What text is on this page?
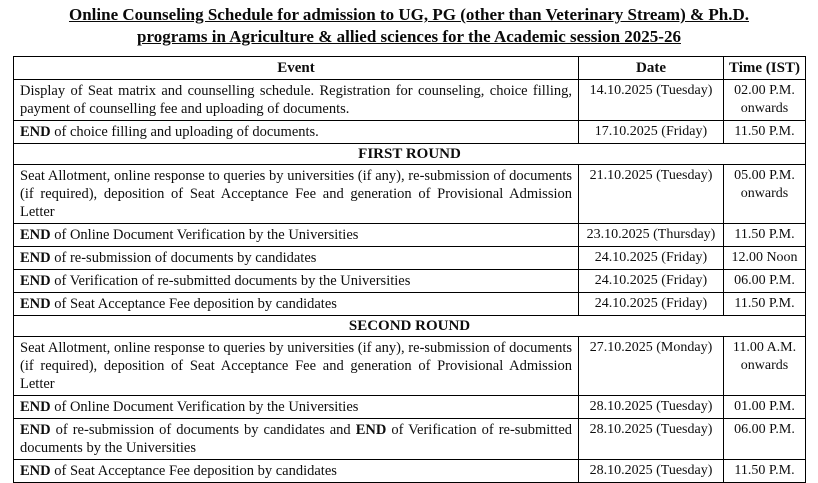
Online Counseling Schedule for admission to UG, PG (other than Veterinary Stream) & Ph.D.
programs in Agriculture & allied sciences for the Academic session 2025-26
Event	Date	Time (IST)
Display of Seat matrix and counselling schedule. Registration for counseling, choice filling, payment of counselling fee and uploading of documents.	14.10.2025 (Tuesday)	02.00 P.M.
onwards

END of choice filling and uploading of documents.	17.10.2025 (Friday)	11.50 P.M.

FIRST ROUND		
Seat Allotment, online response to queries by universities (if any), re-submission of documents (if required), deposition of Seat Acceptance Fee and generation of Provisional Admission Letter	21.10.2025 (Tuesday)	05.00 P.M.
onwards

END of Online Document Verification by the Universities	23.10.2025 (Thursday)	11.50 P.M.

END of re-submission of documents by candidates	24.10.2025 (Friday)	12.00 Noon

END of Verification of re-submitted documents by the Universities	24.10.2025 (Friday)	06.00 P.M.

END of Seat Acceptance Fee deposition by candidates	24.10.2025 (Friday)	11.50 P.M.

SECOND ROUND		
Seat Allotment, online response to queries by universities (if any), re-submission of documents (if required), deposition of Seat Acceptance Fee and generation of Provisional Admission Letter	27.10.2025 (Monday)	11.00 A.M.
onwards

END of Online Document Verification by the Universities	28.10.2025 (Tuesday)	01.00 P.M.

END of re-submission of documents by candidates and END of Verification of re-submitted documents by the Universities	28.10.2025 (Tuesday)	06.00 P.M.

END of Seat Acceptance Fee deposition by candidates	28.10.2025 (Tuesday)	11.50 P.M.
